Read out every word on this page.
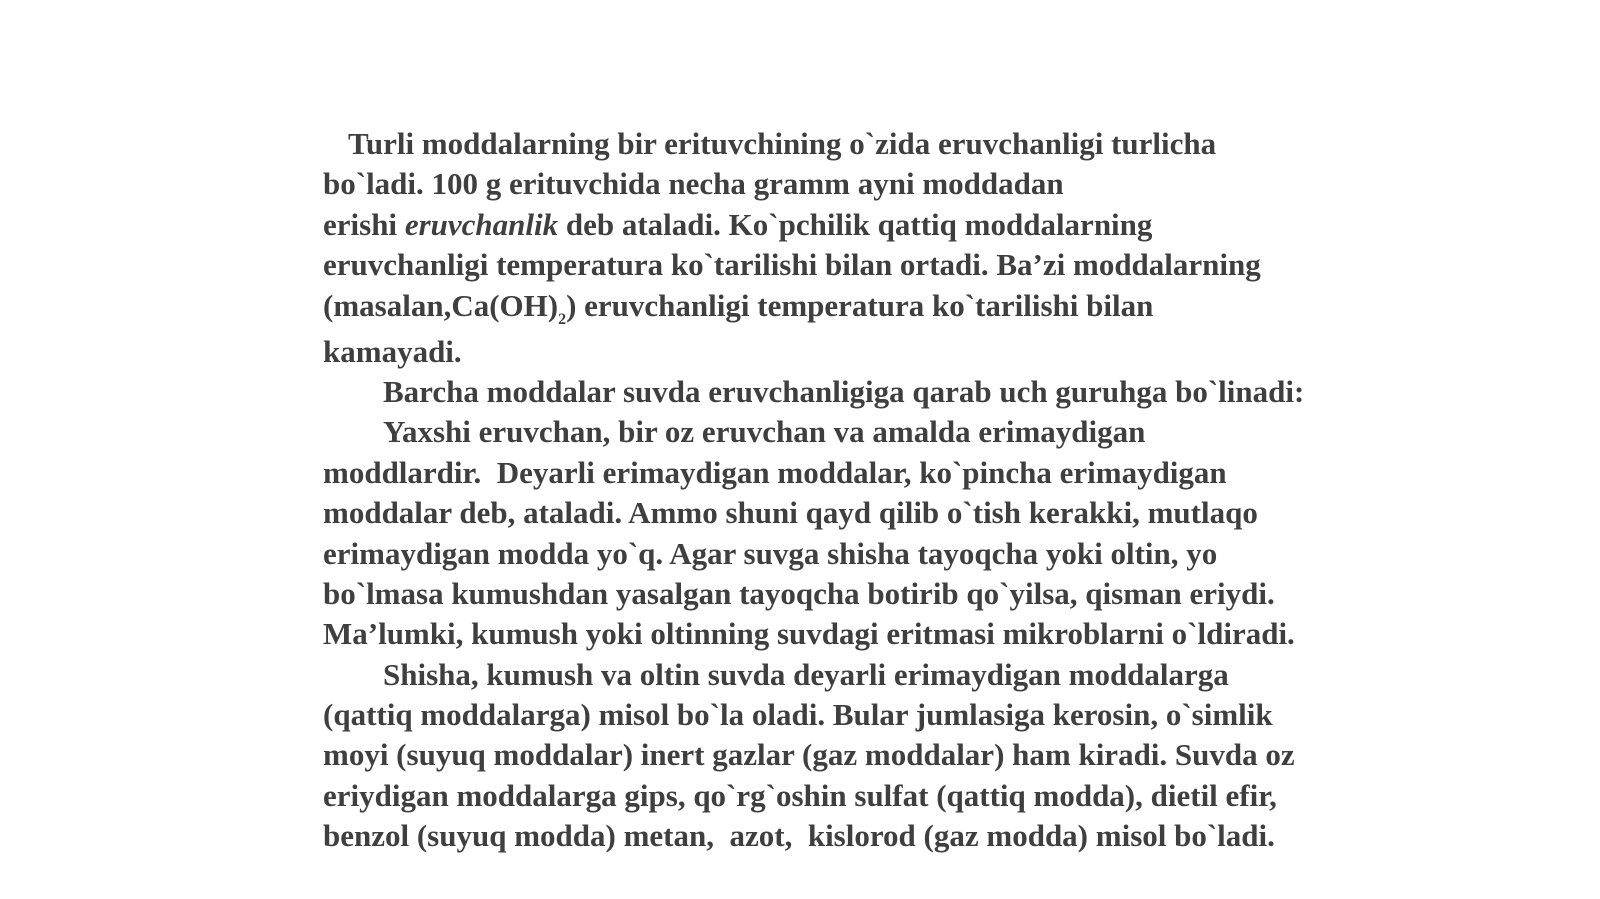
Turli moddalarning bir erituvchining o`zida eruvchanligi turlicha
bo`ladi. 100 g erituvchida necha gramm ayni moddadan
erishi eruvchanlik deb ataladi. Ko`pchilik qattiq moddalarning
eruvchanligi temperatura ko`tarilishi bilan ortadi. Ba’zi moddalarning
$(masalan,Ca(OH)_2)$ eruvchanligi temperatura ko`tarilishi bilan
kamayadi.
Barcha moddalar suvda eruvchanligiga qarab uch guruhga bo`linadi:
Yaxshi eruvchan, bir oz eruvchan va amalda erimaydigan
moddlardir.  Deyarli erimaydigan moddalar, ko`pincha erimaydigan
moddalar deb, ataladi. Ammo shuni qayd qilib o`tish kerakki, mutlaqo
erimaydigan modda yo`q. Agar suvga shisha tayoqcha yoki oltin, yo
bo`lmasa kumushdan yasalgan tayoqcha botirib qo`yilsa, qisman eriydi.
Ma’lumki, kumush yoki oltinning suvdagi eritmasi mikroblarni o`ldiradi.
Shisha, kumush va oltin suvda deyarli erimaydigan moddalarga
(qattiq moddalarga) misol bo`la oladi. Bular jumlasiga kerosin, o`simlik
moyi (suyuq moddalar) inert gazlar (gaz moddalar) ham kiradi. Suvda oz
eriydigan moddalarga gips, qo`rg`oshin sulfat (qattiq modda), dietil efir,
benzol (suyuq modda) metan,  azot,  kislorod (gaz modda) misol bo`ladi.
